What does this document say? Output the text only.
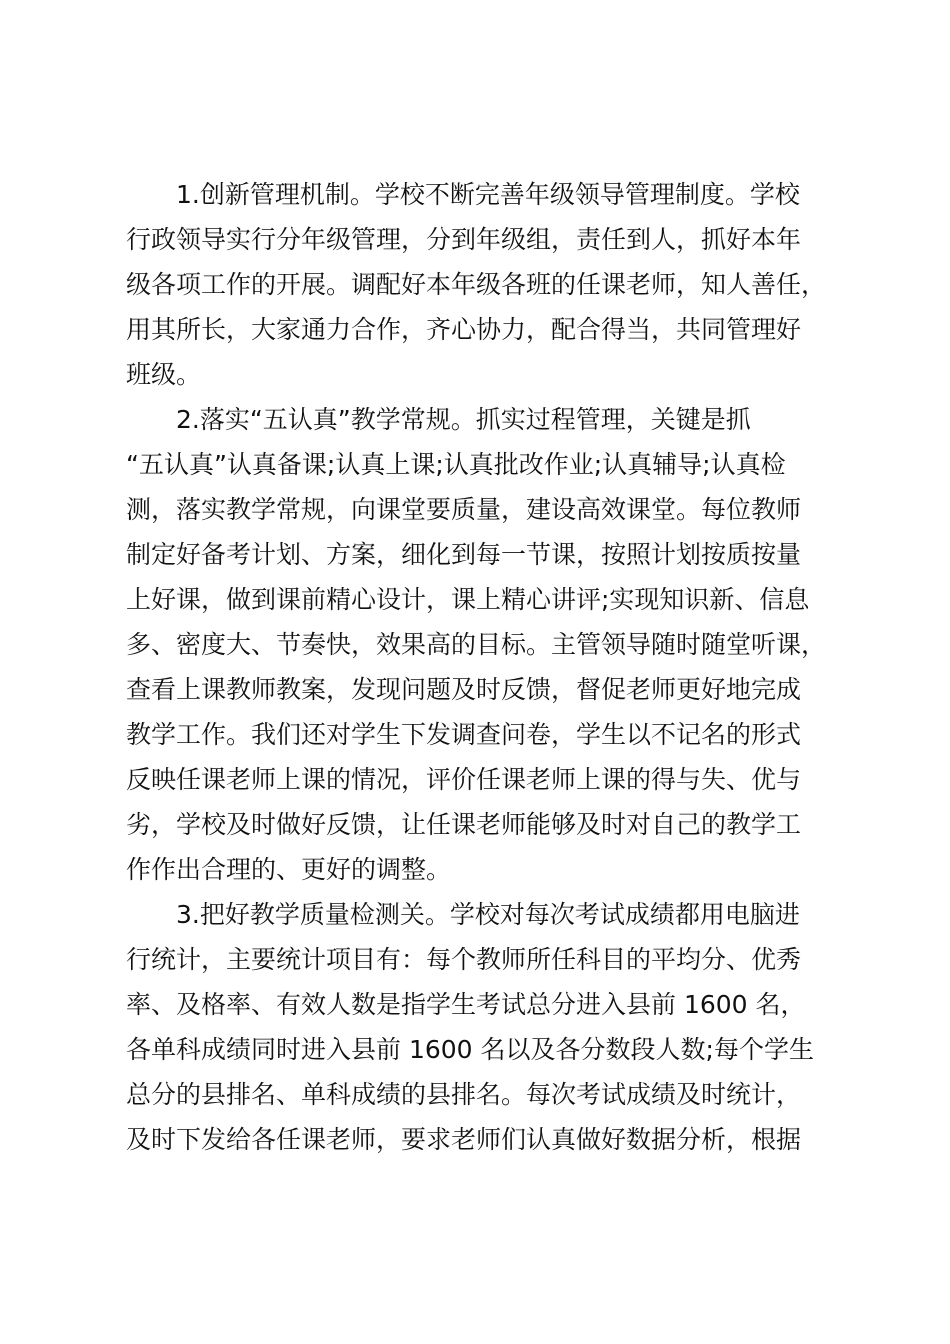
　　1.创新管理机制。学校不断完善年级领导管理制度。学校
行政领导实行分年级管理，分到年级组，责任到人，抓好本年
级各项工作的开展。调配好本年级各班的任课老师，知人善任，
用其所长，大家通力合作，齐心协力，配合得当，共同管理好
班级。
　　2.落实“五认真”教学常规。抓实过程管理，关键是抓
“五认真”认真备课;认真上课;认真批改作业;认真辅导;认真检
测，落实教学常规，向课堂要质量，建设高效课堂。每位教师
制定好备考计划、方案，细化到每一节课，按照计划按质按量
上好课，做到课前精心设计，课上精心讲评;实现知识新、信息
多、密度大、节奏快，效果高的目标。主管领导随时随堂听课，
查看上课教师教案，发现问题及时反馈，督促老师更好地完成
教学工作。我们还对学生下发调查问卷，学生以不记名的形式
反映任课老师上课的情况，评价任课老师上课的得与失、优与
劣，学校及时做好反馈，让任课老师能够及时对自己的教学工
作作出合理的、更好的调整。
　　3.把好教学质量检测关。学校对每次考试成绩都用电脑进
行统计，主要统计项目有：每个教师所任科目的平均分、优秀
率、及格率、有效人数是指学生考试总分进入县前 1600 名，
各单科成绩同时进入县前 1600 名以及各分数段人数;每个学生
总分的县排名、单科成绩的县排名。每次考试成绩及时统计，
及时下发给各任课老师，要求老师们认真做好数据分析，根据
